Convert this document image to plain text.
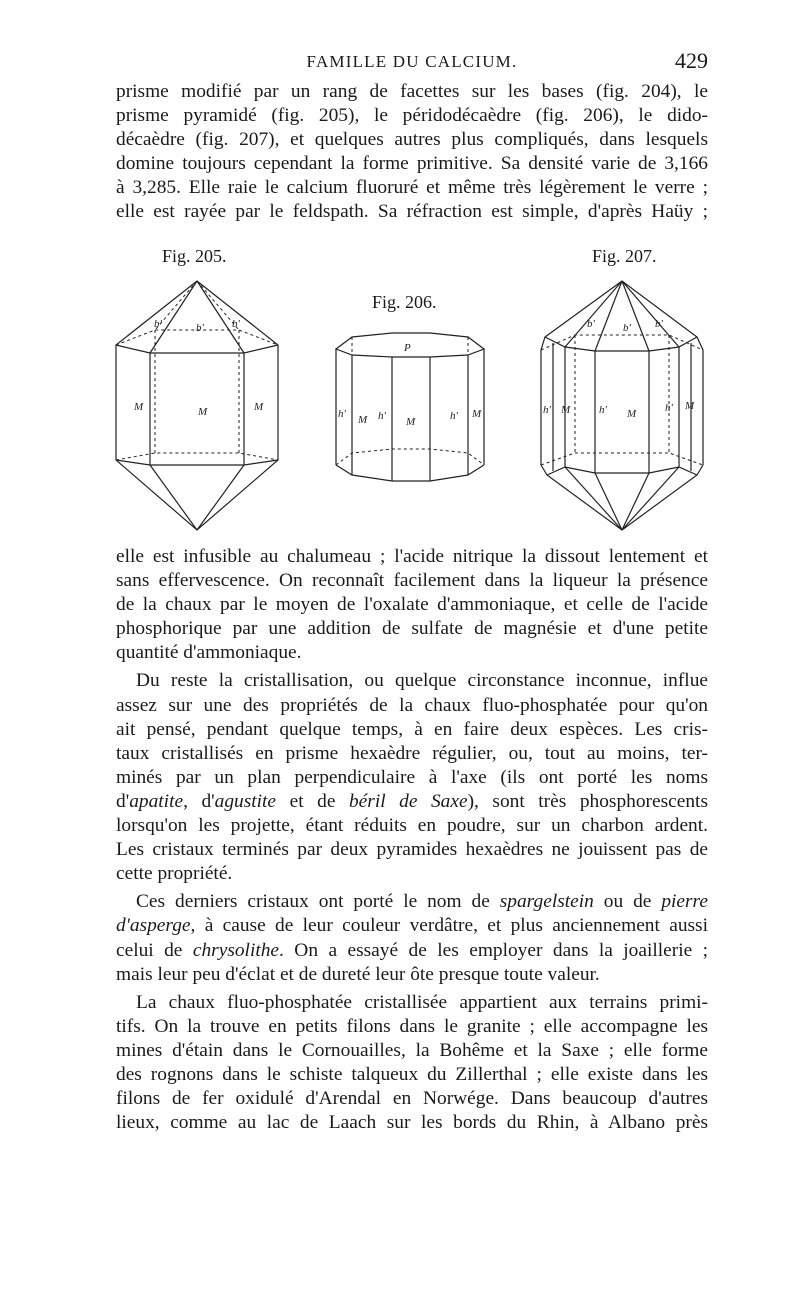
FAMILLE DU CALCIUM.	429

prisme modifié par un rang de facettes sur les bases (fig. 204), le

prisme pyramidé (fig. 205), le péridodécaèdre (fig. 206), le dido-

décaèdre (fig. 207), et quelques autres plus compliqués, dans lesquels

domine toujours cependant la forme primitive. Sa densité varie de 3,166

à 3,285. Elle raie le calcium fluoruré et même très légèrement le verre ;

elle est rayée par le feldspath. Sa réfraction est simple, d'après Haüy ;

Fig. 205.
b'	b'	b'
M	M	M
Fig. 206.
P
h' M h' M	h' M
Fig. 207.
b'	b' b'
h' M	h' M	h' M

elle est infusible au chalumeau ; l'acide nitrique la dissout lentement et

sans effervescence. On reconnaît facilement dans la liqueur la présence

de la chaux par le moyen de l'oxalate d'ammoniaque, et celle de l'acide

phosphorique par une addition de sulfate de magnésie et d'une petite

quantité d'ammoniaque.

Du reste la cristallisation, ou quelque circonstance inconnue, influe

assez sur une des propriétés de la chaux fluo-phosphatée pour qu'on

ait pensé, pendant quelque temps, à en faire deux espèces. Les cris-

taux cristallisés en prisme hexaèdre régulier, ou, tout au moins, ter-

minés par un plan perpendiculaire à l'axe (ils ont porté les noms

d'apatite, d'agustite et de béril de Saxe), sont très phosphorescents

lorsqu'on les projette, étant réduits en poudre, sur un charbon ardent.

Les cristaux terminés par deux pyramides hexaèdres ne jouissent pas de

cette propriété.

Ces derniers cristaux ont porté le nom de spargelstein ou de pierre

d'asperge, à cause de leur couleur verdâtre, et plus anciennement aussi

celui de chrysolithe. On a essayé de les employer dans la joaillerie ;

mais leur peu d'éclat et de dureté leur ôte presque toute valeur.

La chaux fluo-phosphatée cristallisée appartient aux terrains primi-

tifs. On la trouve en petits filons dans le granite ; elle accompagne les

mines d'étain dans le Cornouailles, la Bohême et la Saxe ; elle forme

des rognons dans le schiste talqueux du Zillerthal ; elle existe dans les

filons de fer oxidulé d'Arendal en Norwége. Dans beaucoup d'autres

lieux, comme au lac de Laach sur les bords du Rhin, à Albano près
